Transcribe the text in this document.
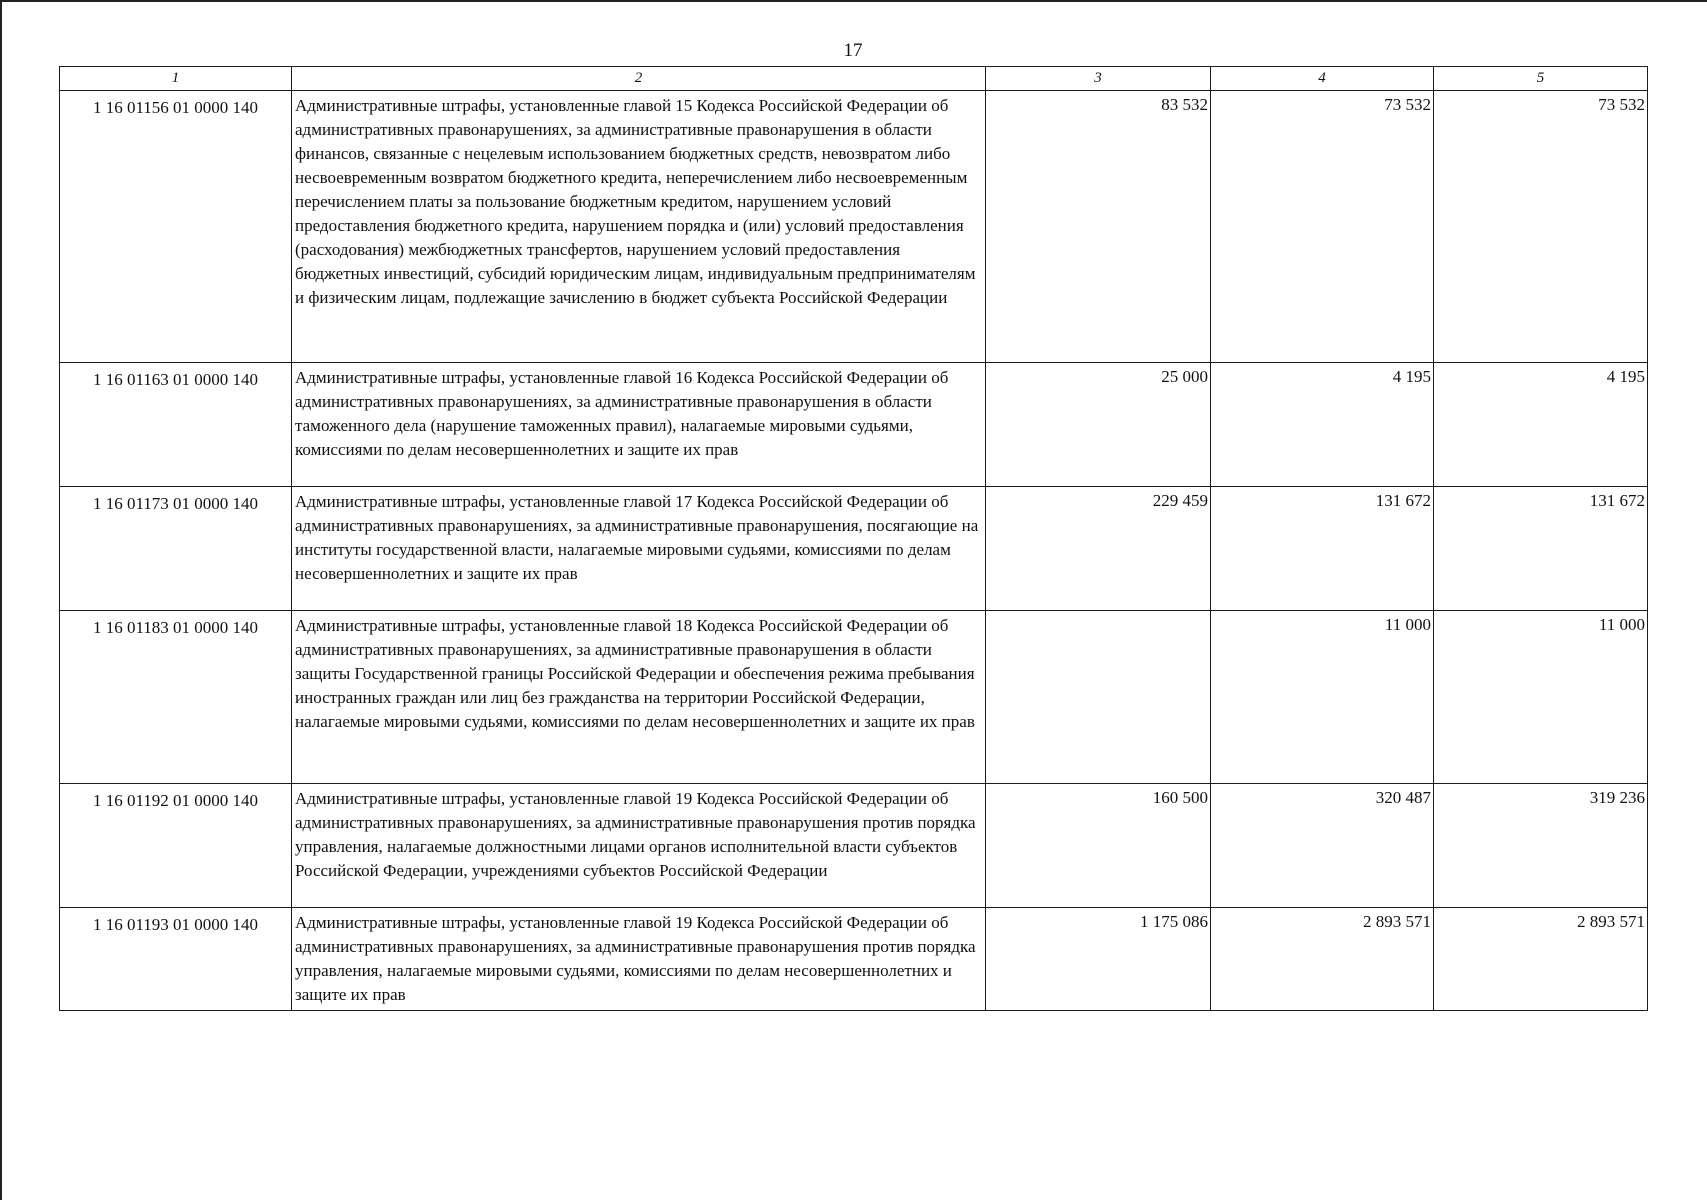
17
1	2	3	4	5
1 16 01156 01 0000 140	Административные штрафы, установленные главой 15 Кодекса Российской Федерации об административных правонарушениях, за административные правонарушения в области финансов, связанные с нецелевым использованием бюджетных средств, невозвратом либо несвоевременным возвратом бюджетного кредита, неперечислением либо несвоевременным перечислением платы за пользование бюджетным кредитом, нарушением условий предоставления бюджетного кредита, нарушением порядка и (или) условий предоставления (расходования) межбюджетных трансфертов, нарушением условий предоставления бюджетных инвестиций, субсидий юридическим лицам, индивидуальным предпринимателям и физическим лицам, подлежащие зачислению в бюджет субъекта Российской Федерации	83 532	73 532	73 532
1 16 01163 01 0000 140	Административные штрафы, установленные главой 16 Кодекса Российской Федерации об административных правонарушениях, за административные правонарушения в области таможенного дела (нарушение таможенных правил), налагаемые мировыми судьями, комиссиями по делам несовершеннолетних и защите их прав	25 000	4 195	4 195
1 16 01173 01 0000 140	Административные штрафы, установленные главой 17 Кодекса Российской Федерации об административных правонарушениях, за административные правонарушения, посягающие на институты государственной власти, налагаемые мировыми судьями, комиссиями по делам несовершеннолетних и защите их прав	229 459	131 672	131 672
1 16 01183 01 0000 140	Административные штрафы, установленные главой 18 Кодекса Российской Федерации об административных правонарушениях, за административные правонарушения в области защиты Государственной границы Российской Федерации и обеспечения режима пребывания иностранных граждан или лиц без гражданства на территории Российской Федерации, налагаемые мировыми судьями, комиссиями по делам несовершеннолетних и защите их прав		11 000	11 000
1 16 01192 01 0000 140	Административные штрафы, установленные главой 19 Кодекса Российской Федерации об административных правонарушениях, за административные правонарушения против порядка управления, налагаемые должностными лицами органов исполнительной власти субъектов Российской Федерации, учреждениями субъектов Российской Федерации	160 500	320 487	319 236
1 16 01193 01 0000 140	Административные штрафы, установленные главой 19 Кодекса Российской Федерации об административных правонарушениях, за административные правонарушения против порядка управления, налагаемые мировыми судьями, комиссиями по делам несовершеннолетних и защите их прав	1 175 086	2 893 571	2 893 571
